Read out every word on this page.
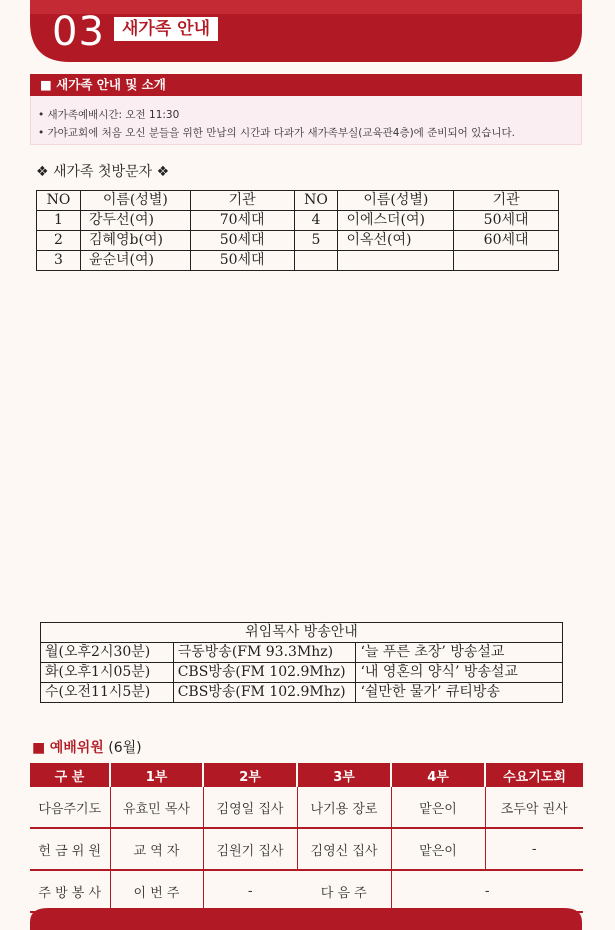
03	새가족 안내
■ 새가족 안내 및 소개
• 새가족예배시간: 오전 11:30
• 가야교회에 처음 오신 분들을 위한 만남의 시간과 다과가 새가족부실(교육관4층)에 준비되어 있습니다.
❖ 새가족 첫방문자 ❖
NO	이름(성별)	기관	NO	이름(성별)	기관
1	강두선(여)	70세대	4	이에스더(여)	50세대
2	김혜영b(여)	50세대	5	이옥선(여)	60세대
3	윤순녀(여)	50세대			
위임목사 방송안내		
월(오후2시30분)	극동방송(FM 93.3Mhz)	‘늘 푸른 초장’ 방송설교
화(오후1시05분)	CBS방송(FM 102.9Mhz)	‘내 영혼의 양식’ 방송설교
수(오전11시5분)	CBS방송(FM 102.9Mhz)	‘쉴만한 물가’ 큐티방송
■ 예배위원 (6월)
구 분	1부	2부	3부	4부	수요기도회
다음주기도	유효민 목사	김영일 집사	나기용 장로	맡은이	조두악 권사
헌 금 위 원	교 역 자	김원기 집사	김영신 집사	맡은이	-
주 방 봉 사	이 번 주	-	다 음 주	-	
